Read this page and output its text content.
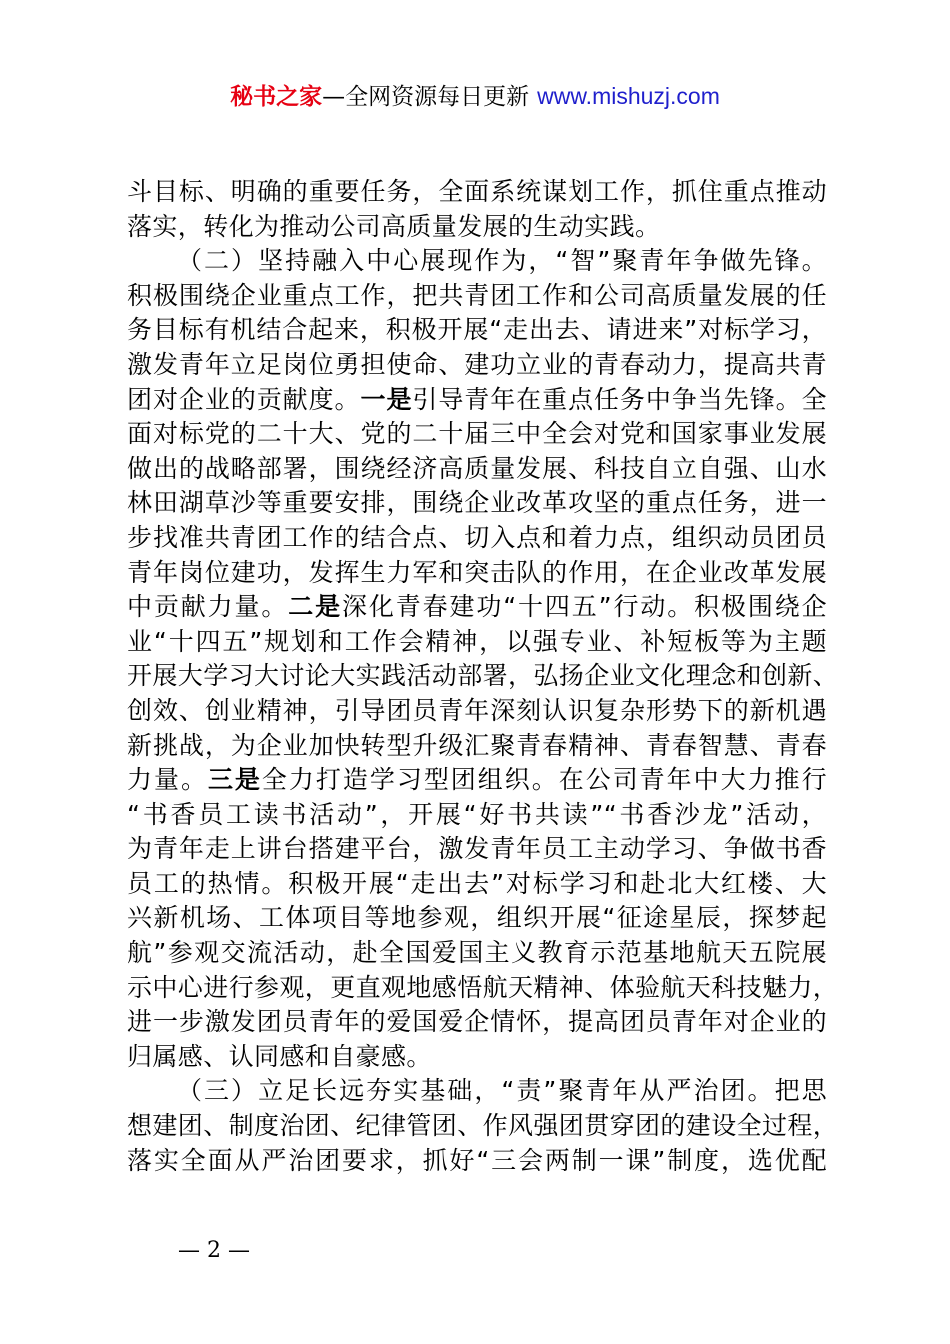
秘书之家—全网资源每日更新 www.mishuzj.com
斗目标、明确的重要任务，全面系统谋划工作，抓住重点推动
落实，转化为推动公司高质量发展的生动实践。
（二）坚持融入中心展现作为，“智”聚青年争做先锋。
积极围绕企业重点工作，把共青团工作和公司高质量发展的任
务目标有机结合起来，积极开展“走出去、请进来”对标学习，
激发青年立足岗位勇担使命、建功立业的青春动力，提高共青
团对企业的贡献度。一是引导青年在重点任务中争当先锋。全
面对标党的二十大、党的二十届三中全会对党和国家事业发展
做出的战略部署，围绕经济高质量发展、科技自立自强、山水
林田湖草沙等重要安排，围绕企业改革攻坚的重点任务，进一
步找准共青团工作的结合点、切入点和着力点，组织动员团员
青年岗位建功，发挥生力军和突击队的作用，在企业改革发展
中贡献力量。二是深化青春建功“十四五”行动。积极围绕企
业“十四五”规划和工作会精神，以强专业、补短板等为主题
开展大学习大讨论大实践活动部署，弘扬企业文化理念和创新、
创效、创业精神，引导团员青年深刻认识复杂形势下的新机遇
新挑战，为企业加快转型升级汇聚青春精神、青春智慧、青春
力量。三是全力打造学习型团组织。在公司青年中大力推行
“书香员工读书活动”，开展“好书共读”“书香沙龙”活动，
为青年走上讲台搭建平台，激发青年员工主动学习、争做书香
员工的热情。积极开展“走出去”对标学习和赴北大红楼、大
兴新机场、工体项目等地参观，组织开展“征途星辰，探梦起
航”参观交流活动，赴全国爱国主义教育示范基地航天五院展
示中心进行参观，更直观地感悟航天精神、体验航天科技魅力，
进一步激发团员青年的爱国爱企情怀，提高团员青年对企业的
归属感、认同感和自豪感。
（三）立足长远夯实基础，“责”聚青年从严治团。把思
想建团、制度治团、纪律管团、作风强团贯穿团的建设全过程，
落实全面从严治团要求，抓好“三会两制一课”制度，选优配
— 2 —
